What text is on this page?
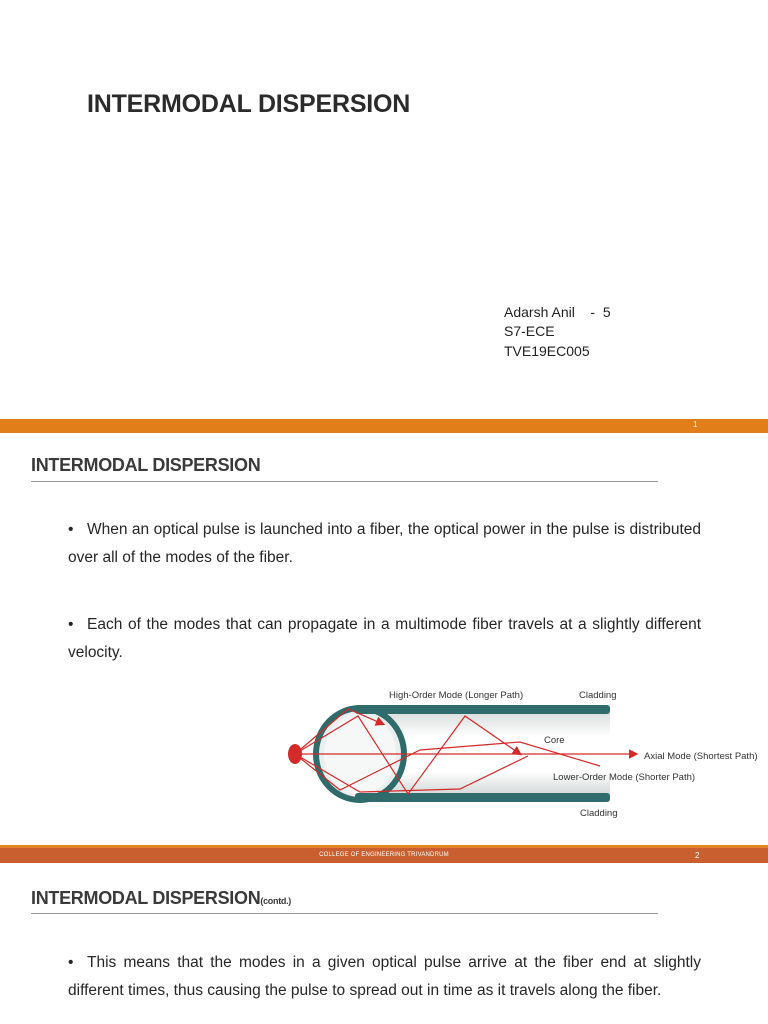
INTERMODAL DISPERSION
Adarsh Anil    -  5
S7-ECE
TVE19EC005
1
INTERMODAL DISPERSION
• When an optical pulse is launched into a fiber, the optical power in the pulse is distributed over all of the modes of the fiber.
• Each of the modes that can propagate in a multimode fiber travels at a slightly different velocity.
High-Order Mode (Longer Path)	Cladding
Core
Axial Mode (Shortest Path)
Lower-Order Mode (Shorter Path)
Cladding
COLLEGE OF ENGINEERING TRIVANDRUM	2
INTERMODAL DISPERSION(contd.)
• This means that the modes in a given optical pulse arrive at the fiber end at slightly different times, thus causing the pulse to spread out in time as it travels along the fiber.
